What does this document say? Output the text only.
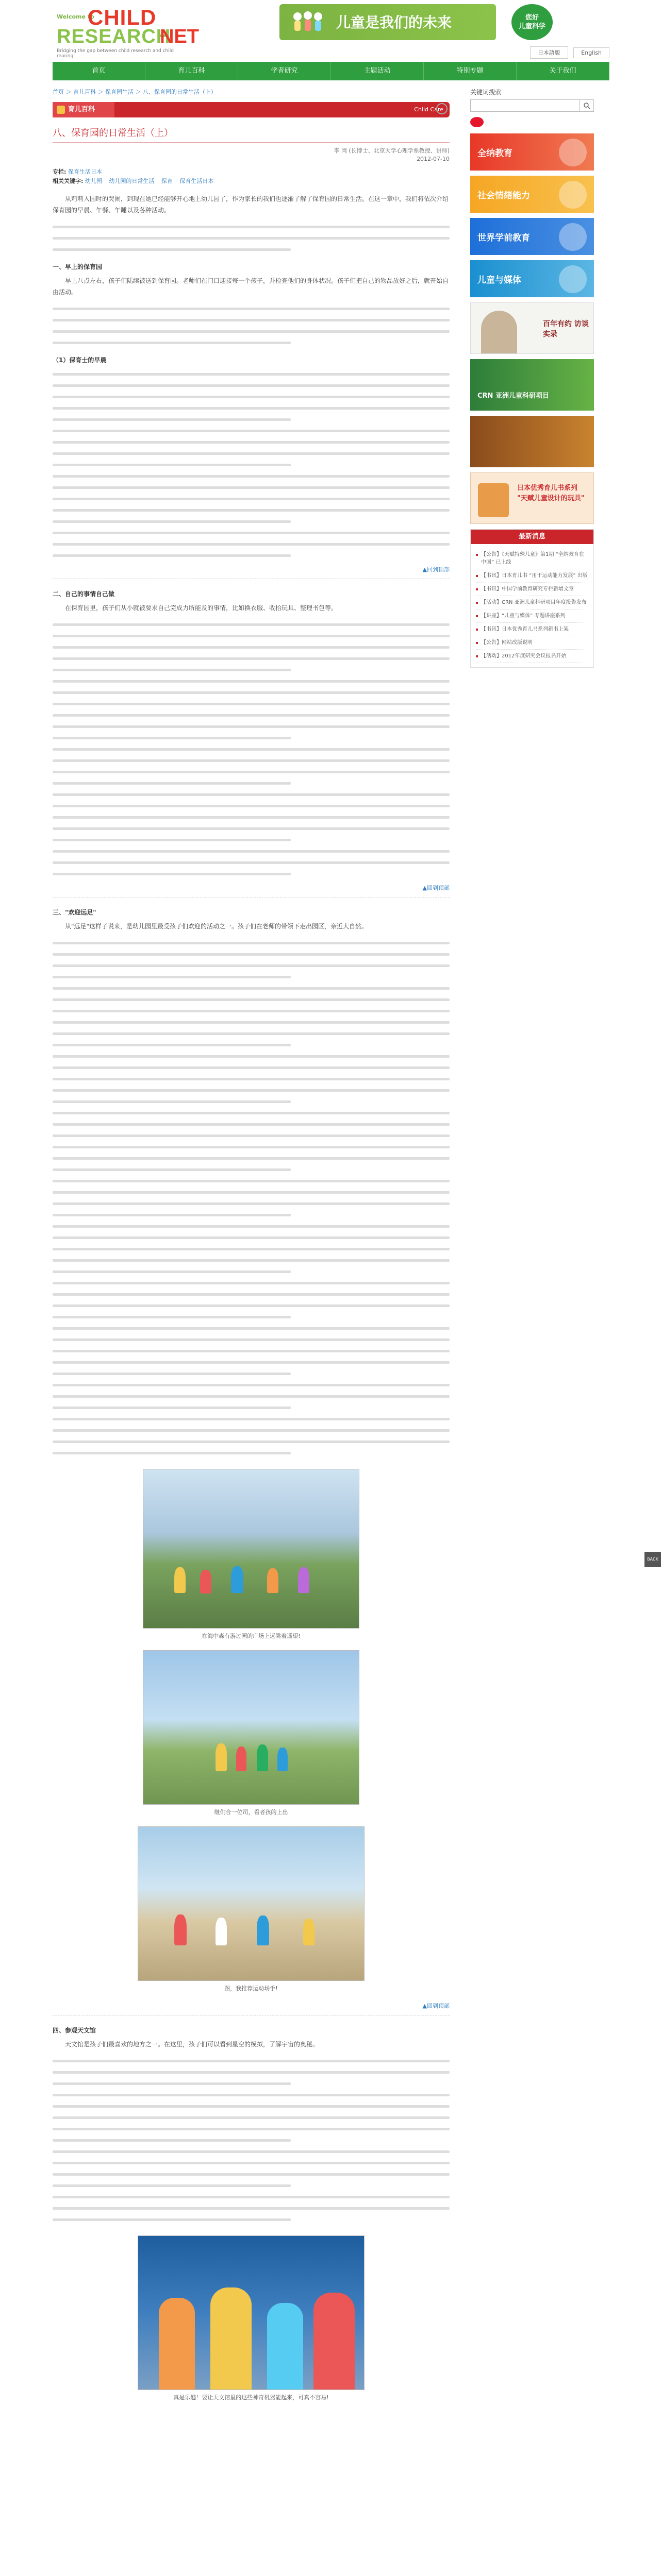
Welcome to
CHILD
RESEARCH
NET
Bridging the gap between child research and child rearing
儿童是我们的未来	您好
儿童科学
日本語版	English
首页	育儿百科	学者研究	主题活动	特别专题	关于我们
首页 ＞ 育儿百科 ＞ 保育园生活 ＞ 八、保育园的日常生活（上）
育儿百科	Child Care
八、保育园的日常生活（上）
李 岡 (长博士、北京大学心理学系教授、讲师)
2012-07-10
专栏: 保育生活日本
相关关键字: 幼儿园 幼儿园的日常生活 保育 保育生活日本

从莉莉入园时的哭闹，到现在她已经能够开心地上幼儿园了，作为家长的我们也逐渐了解了保育园的日常生活。在这一章中，我们将依次介绍保育园的早晨、午餐、午睡以及各种活动。

一、早上的保育园

早上八点左右，孩子们陆续被送到保育园。老师们在门口迎接每一个孩子，并检查他们的身体状况。孩子们把自己的物品放好之后，就开始自由活动。

（1）保育士的早晨
▲回到顶部
二、自己的事情自己做

在保育园里，孩子们从小就被要求自己完成力所能及的事情，比如换衣服、收拾玩具、整理书包等。

▲回到顶部
三、"欢迎远足"

从"远足"这样子说来，是幼儿园里最受孩子们欢迎的活动之一。孩子们在老师的带领下走出园区，亲近大自然。

在海中森有游过园的广场上远眺着遥望!
继们合一位司，看者孩的上出
图，我推荐运动场手!
▲回到顶部
四、参观天文馆

天文馆是孩子们最喜欢的地方之一。在这里，孩子们可以看到星空的模拟，了解宇宙的奥秘。

真是乐趣！要让天文馆里的这些神奇机器能起来，可真不容易!
关键词搜索
全纳教育
社会情绪能力
世界学前教育
儿童与媒体
百年有约 访谈实录
CRN 亚洲儿童科研项目
日本优秀育儿书系列 "天赋儿童设计的玩具"
最新消息
【公告】《天赋特殊儿童》第1期 “全纳教育在中国” 已上线
【书讯】日本育儿书 “用于运动能力发展” 出版
【书讯】中国学前教育研究专栏新增文章
【活动】CRN 亚洲儿童科研项目年度报告发布
【讲座】“儿童与媒体” 专题讲座系列
【书讯】日本优秀育儿书系列新书上架
【公告】网站改版说明
【活动】2012年度研究会议报名开始
BACK TOP
